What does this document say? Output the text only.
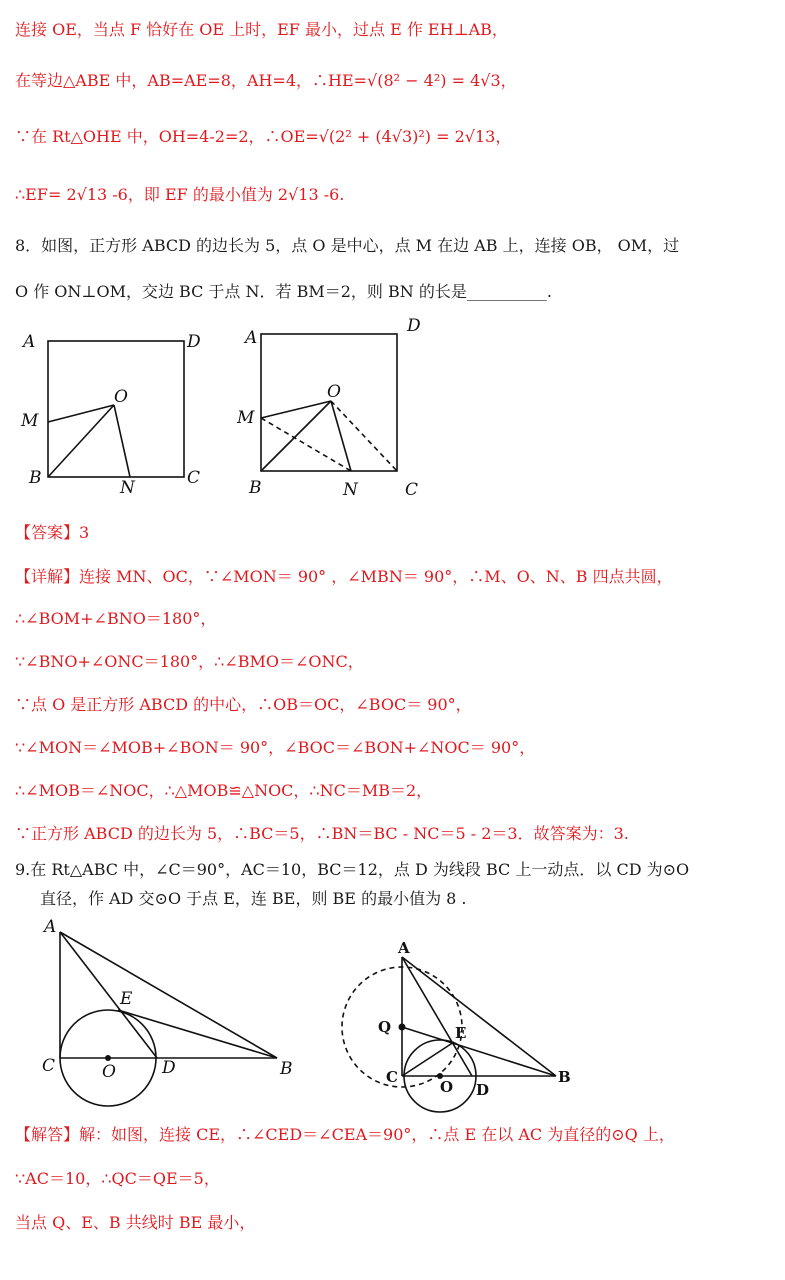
连接 OE，当点 F 恰好在 OE 上时，EF 最小，过点 E 作 EH⊥AB，
在等边△ABE 中，AB=AE=8，AH=4，∴HE=√(8² − 4²) = 4√3，
∵在 Rt△OHE 中，OH=4-2=2，∴OE=√(2² + (4√3)²) = 2√13，
∴EF= 2√13 -6，即 EF 的最小值为 2√13 -6.
8．如图，正方形 ABCD 的边长为 5，点 O 是中心，点 M 在边 AB 上，连接 OB， OM，过
O 作 ON⊥OM，交边 BC 于点 N．若 BM＝2，则 BN 的长是__________.
A	D
M
O
B	N	C
A
D
M
O
B	N	C
【答案】3
【详解】连接 MN、OC，∵∠MON＝ 90° ，∠MBN＝ 90°，∴M、O、N、B 四点共圆，
∴∠BOM+∠BNO＝180°，
∵∠BNO+∠ONC＝180°，∴∠BMO＝∠ONC，
∵点 O 是正方形 ABCD 的中心，∴OB＝OC，∠BOC＝ 90°，
∵∠MON＝∠MOB+∠BON＝ 90°，∠BOC＝∠BON+∠NOC＝ 90°，
∴∠MOB＝∠NOC，∴△MOB≌△NOC，∴NC＝MB＝2，
∵正方形 ABCD 的边长为 5，∴BC＝5，∴BN＝BC - NC＝5 - 2＝3．故答案为：3.
9.在 Rt△ABC 中，∠C＝90°，AC＝10，BC＝12，点 D 为线段 BC 上一动点．以 CD 为⊙O
直径，作 AD 交⊙O 于点 E，连 BE，则 BE 的最小值为 8 .
A
E
C	O	D	B
A
Q	E
C
O D
B
【解答】解：如图，连接 CE，∴∠CED＝∠CEA＝90°，∴点 E 在以 AC 为直径的⊙Q 上，
∵AC＝10，∴QC＝QE＝5，
当点 Q、E、B 共线时 BE 最小，
